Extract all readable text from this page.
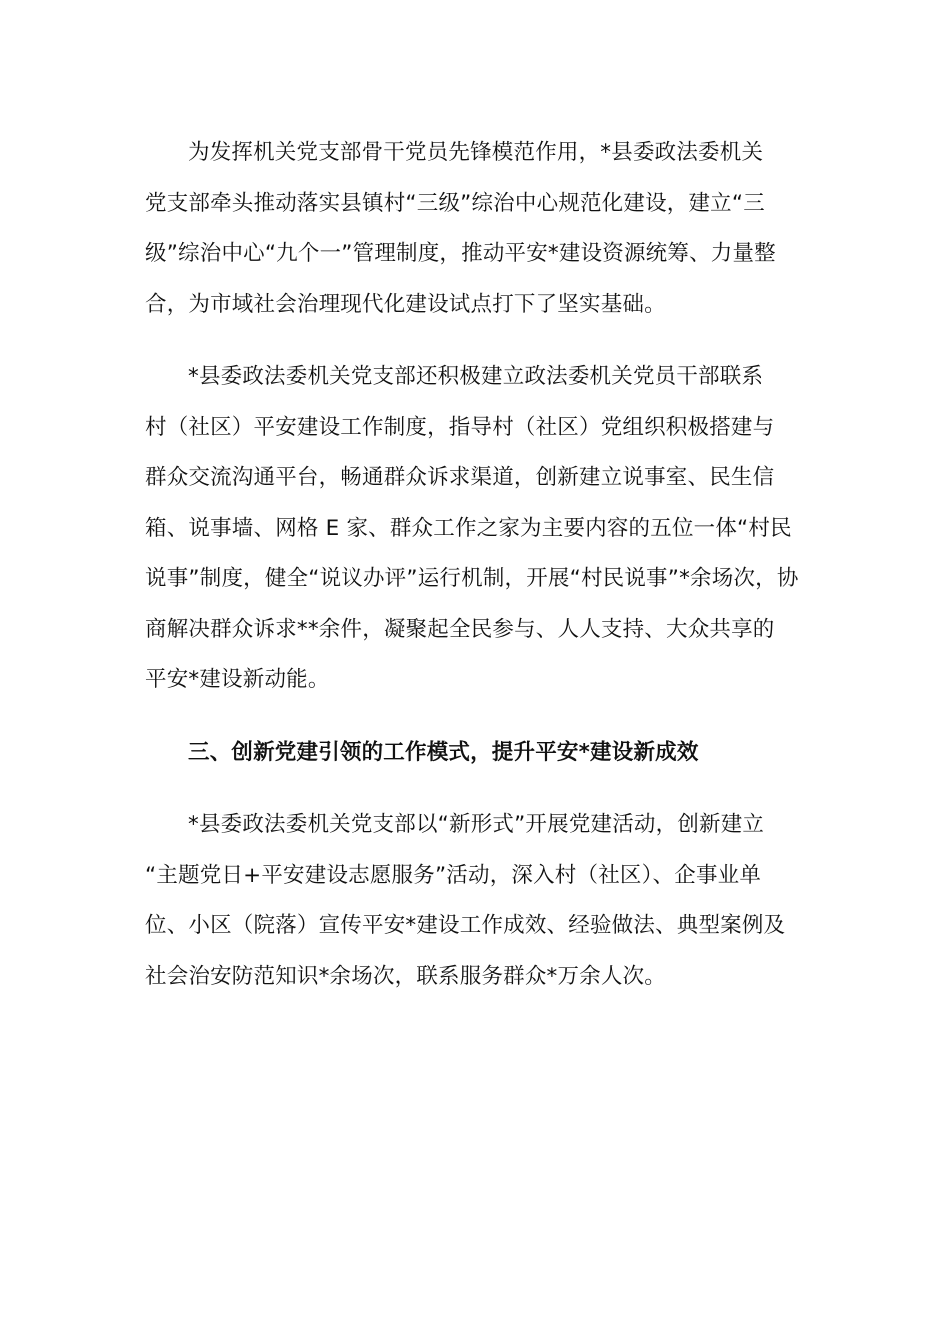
为发挥机关党支部骨干党员先锋模范作用，*县委政法委机关
党支部牵头推动落实县镇村“三级”综治中心规范化建设，建立“三
级”综治中心“九个一”管理制度，推动平安*建设资源统筹、力量整
合，为市域社会治理现代化建设试点打下了坚实基础。

*县委政法委机关党支部还积极建立政法委机关党员干部联系
村（社区）平安建设工作制度，指导村（社区）党组织积极搭建与
群众交流沟通平台，畅通群众诉求渠道，创新建立说事室、民生信
箱、说事墙、网格 E 家、群众工作之家为主要内容的五位一体“村民
说事”制度，健全“说议办评”运行机制，开展“村民说事”*余场次，协
商解决群众诉求**余件，凝聚起全民参与、人人支持、大众共享的
平安*建设新动能。

三、创新党建引领的工作模式，提升平安*建设新成效

*县委政法委机关党支部以“新形式”开展党建活动，创新建立
“主题党日+平安建设志愿服务”活动，深入村（社区）、企事业单
位、小区（院落）宣传平安*建设工作成效、经验做法、典型案例及
社会治安防范知识*余场次，联系服务群众*万余人次。
